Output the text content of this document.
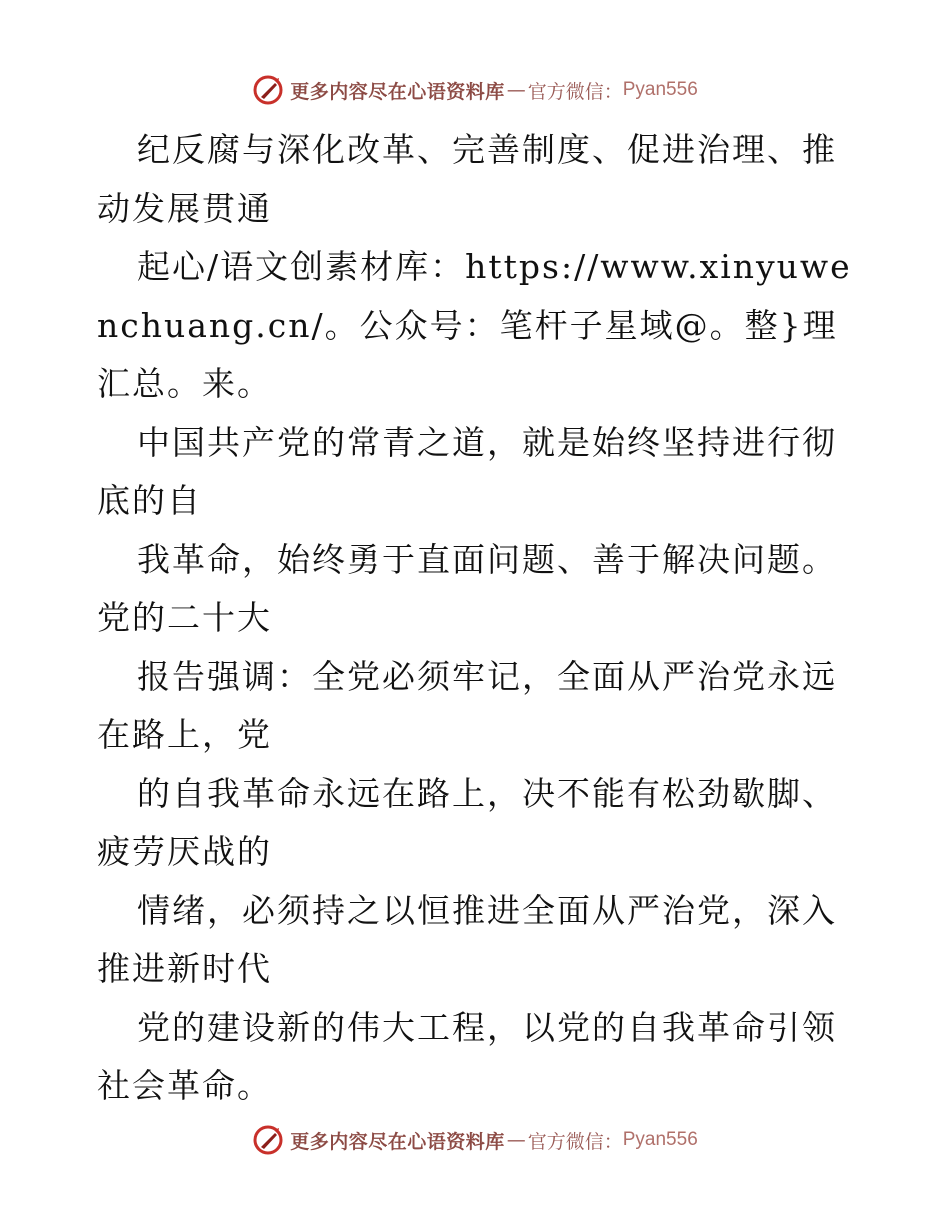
更多内容尽在心语资料库 — 官方微信： Pyan556

纪反腐与深化改革、完善制度、促进治理、推动发展贯通

起心/语文创素材库：https://www.xinyuwenchuang.cn/。公众号：笔杆子星域@。整}理汇总。来。

中国共产党的常青之道，就是始终坚持进行彻底的自

我革命，始终勇于直面问题、善于解决问题。党的二十大

报告强调：全党必须牢记，全面从严治党永远在路上，党

的自我革命永远在路上，决不能有松劲歇脚、疲劳厌战的

情绪，必须持之以恒推进全面从严治党，深入推进新时代

党的建设新的伟大工程，以党的自我革命引领社会革命。

更多内容尽在心语资料库 — 官方微信： Pyan556
